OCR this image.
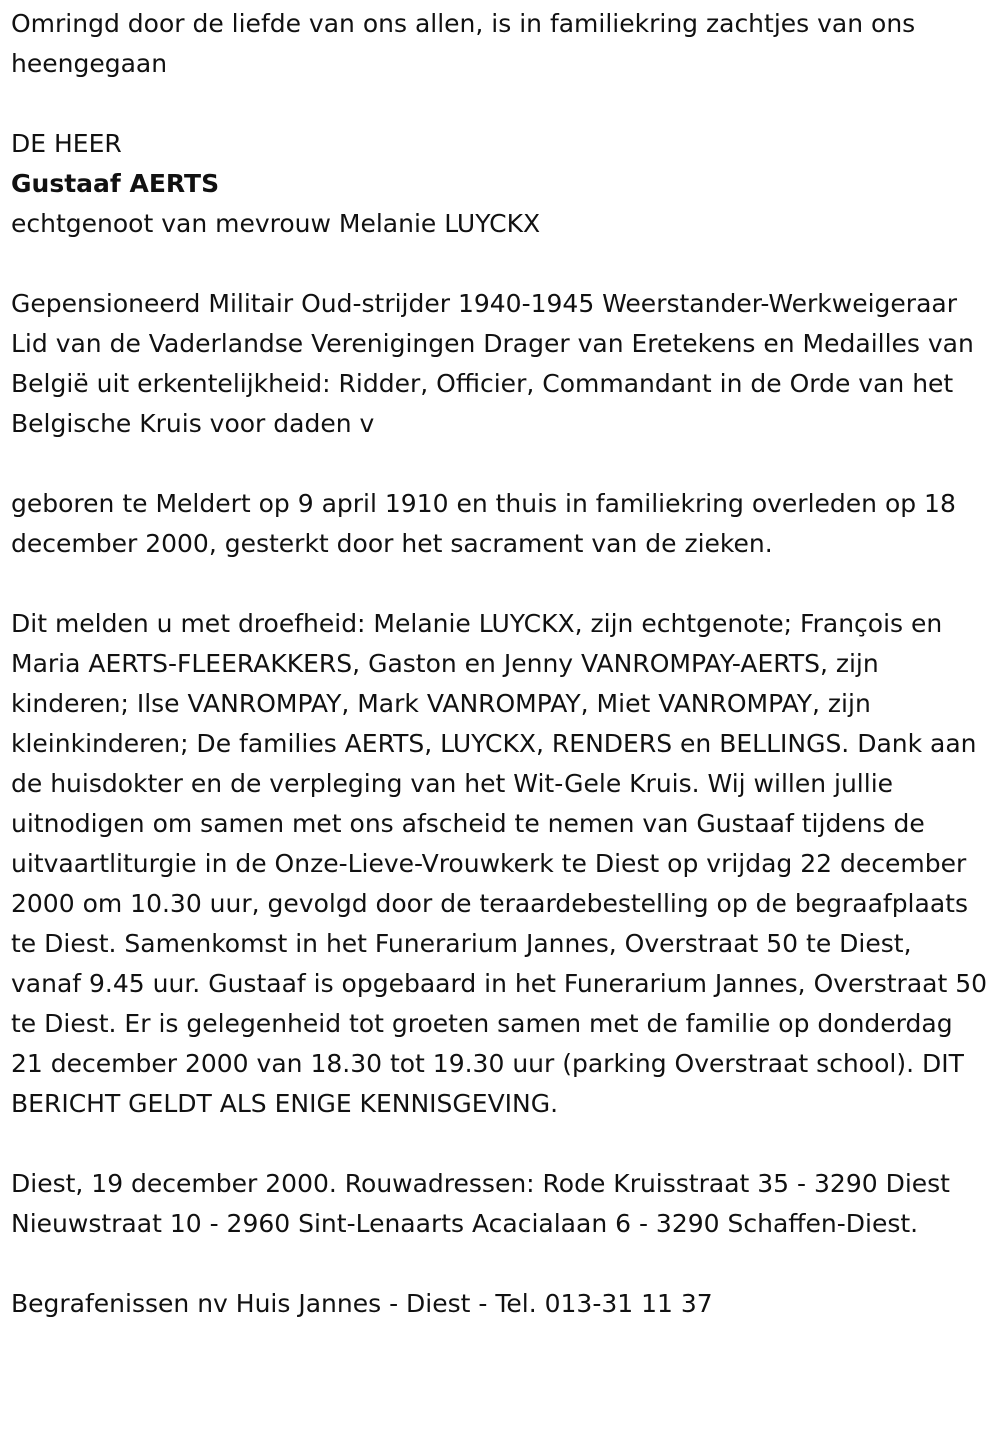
Omringd door de liefde van ons allen, is in familiekring zachtjes van ons heengegaan

DE HEER

Gustaaf AERTS

echtgenoot van mevrouw Melanie LUYCKX

Gepensioneerd Militair Oud-strijder 1940-1945 Weerstander-Werkweigeraar Lid van de Vaderlandse Verenigingen Drager van Eretekens en Medailles van België uit erkentelijkheid: Ridder, Officier, Commandant in de Orde van het Belgische Kruis voor daden v

geboren te Meldert op 9 april 1910 en thuis in familiekring overleden op 18 december 2000, gesterkt door het sacrament van de zieken.

Dit melden u met droefheid: Melanie LUYCKX, zijn echtgenote; François en Maria AERTS-FLEERAKKERS, Gaston en Jenny VANROMPAY-AERTS, zijn kinderen; Ilse VANROMPAY, Mark VANROMPAY, Miet VANROMPAY, zijn kleinkinderen; De families AERTS, LUYCKX, RENDERS en BELLINGS. Dank aan de huisdokter en de verpleging van het Wit-Gele Kruis. Wij willen jullie uitnodigen om samen met ons afscheid te nemen van Gustaaf tijdens de uitvaartliturgie in de Onze-Lieve-Vrouwkerk te Diest op vrijdag 22 december 2000 om 10.30 uur, gevolgd door de teraardebestelling op de begraafplaats te Diest. Samenkomst in het Funerarium Jannes, Overstraat 50 te Diest, vanaf 9.45 uur. Gustaaf is opgebaard in het Funerarium Jannes, Overstraat 50 te Diest. Er is gelegenheid tot groeten samen met de familie op donderdag 21 december 2000 van 18.30 tot 19.30 uur (parking Overstraat school). DIT BERICHT GELDT ALS ENIGE KENNISGEVING.

Diest, 19 december 2000. Rouwadressen: Rode Kruisstraat 35 - 3290 Diest Nieuwstraat 10 - 2960 Sint-Lenaarts Acacialaan 6 - 3290 Schaffen-Diest.

Begrafenissen nv Huis Jannes - Diest - Tel. 013-31 11 37
